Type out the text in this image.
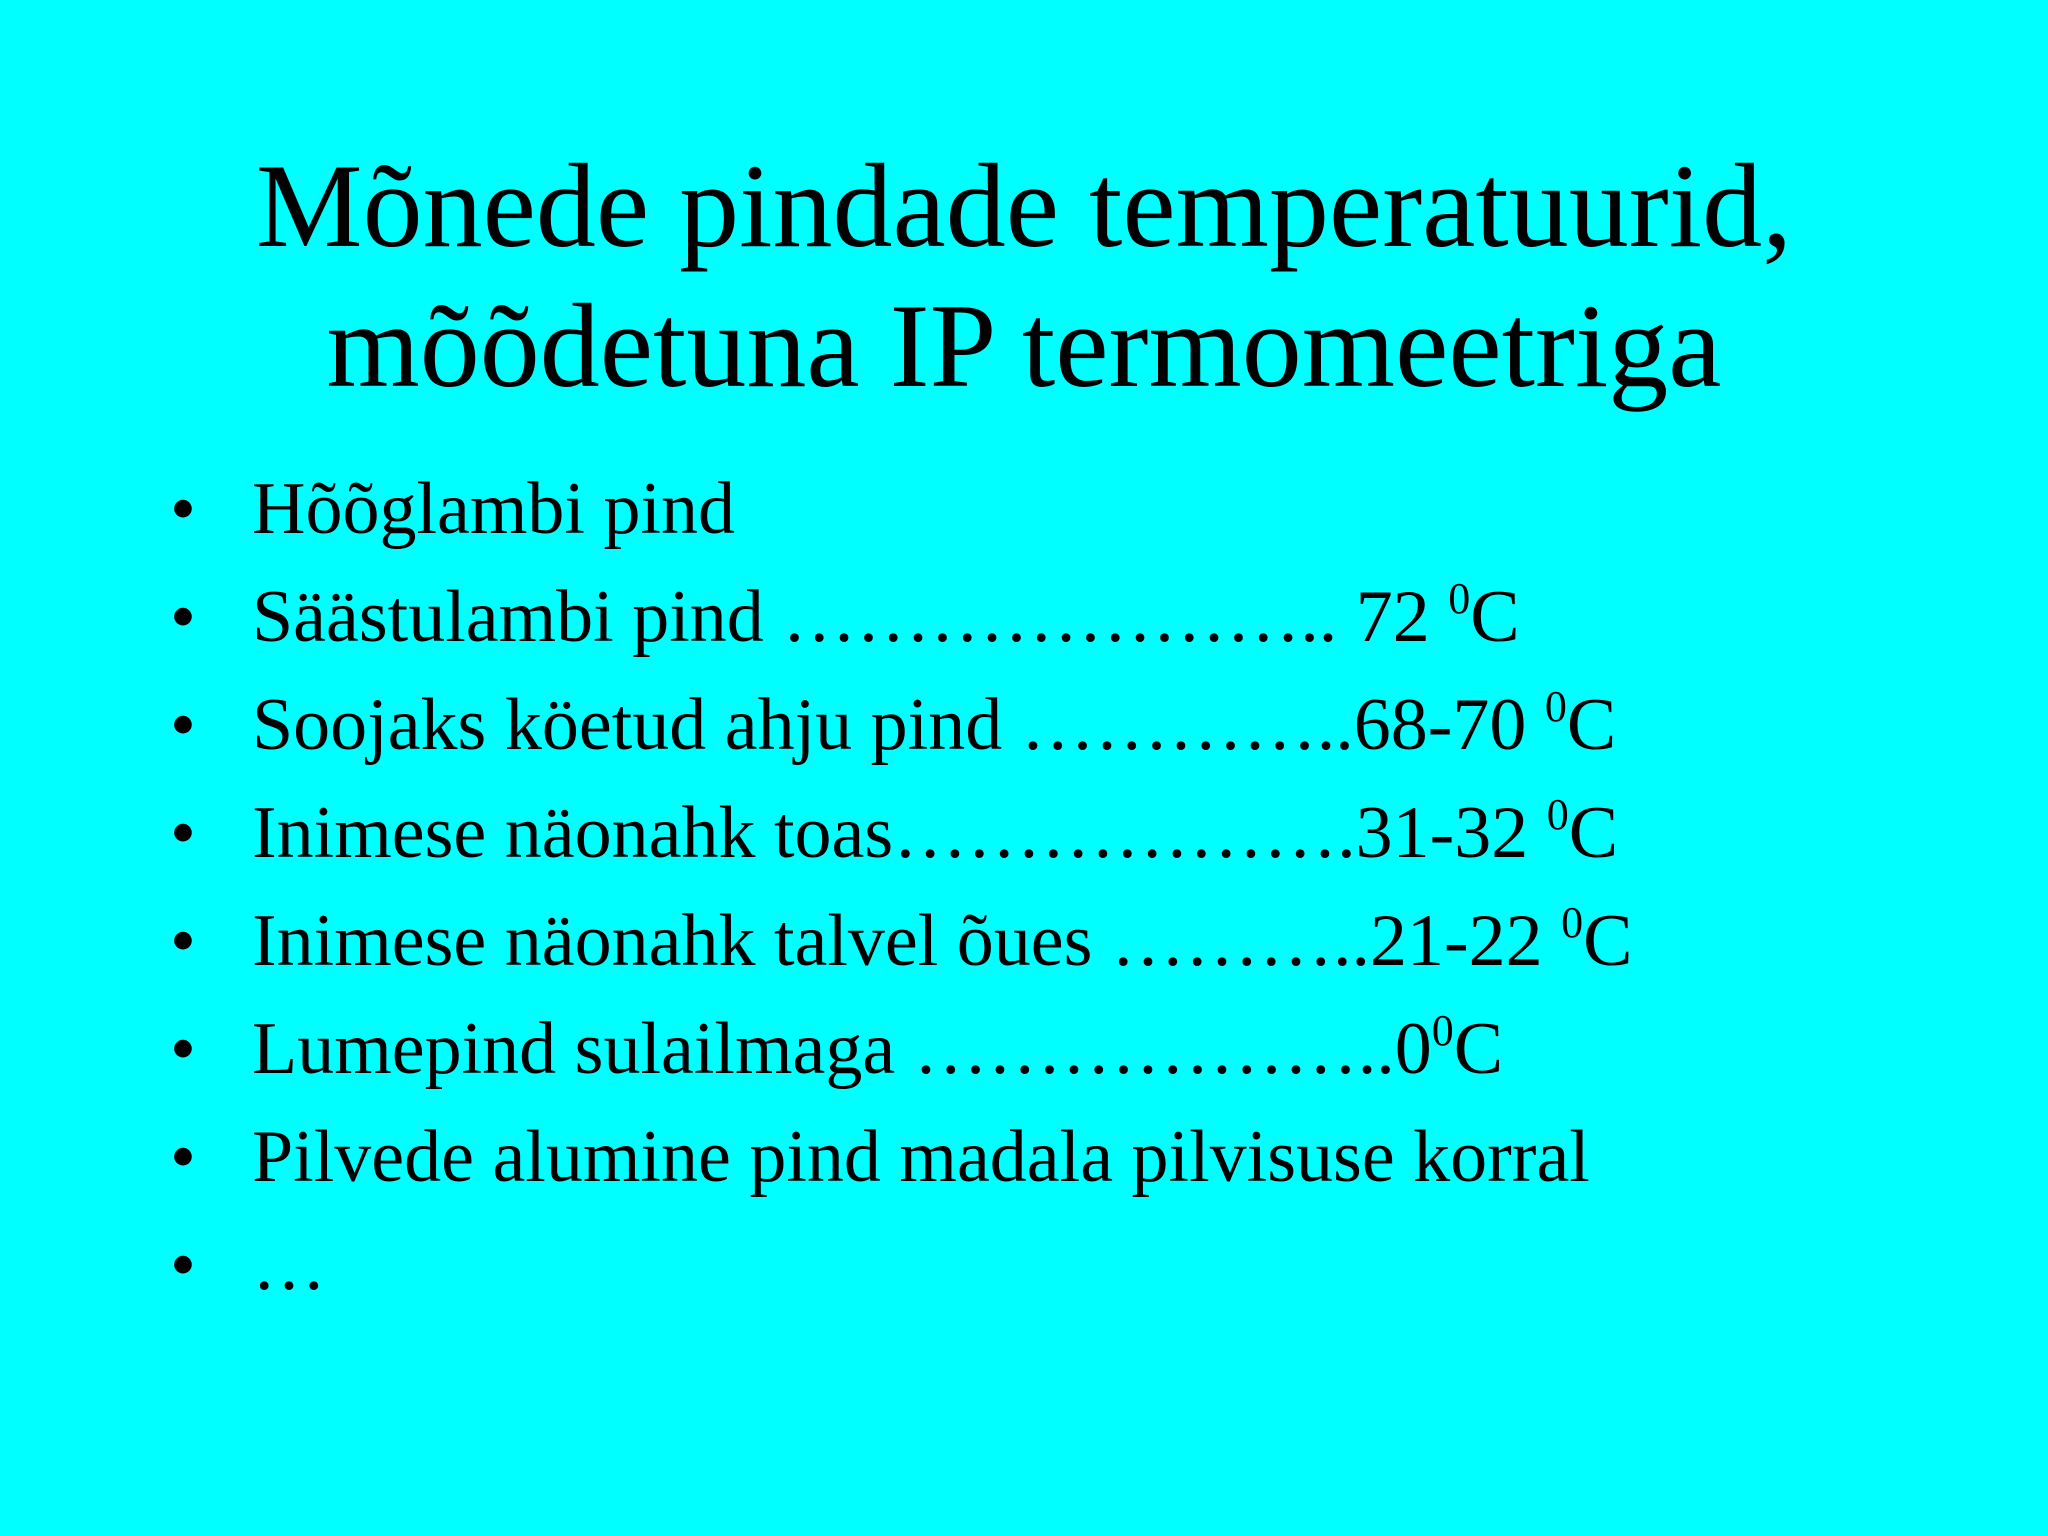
Mõnede pindade temperatuurid,
mõõdetuna IP termomeetriga
• Hõõglambi pind
• Säästulambi pind ………………….. 72 $^0$C
• Soojaks köetud ahju pind …………..68-70 $^0$C
• Inimese näonahk toas……………….31-32 $^0$C
• Inimese näonahk talvel õues ………..21-22 $^0$C
• Lumepind sulailmaga $\dots\dots\dots\dots\dots\dots..0^0C$
• Pilvede alumine pind madala pilvisuse korral
• …
